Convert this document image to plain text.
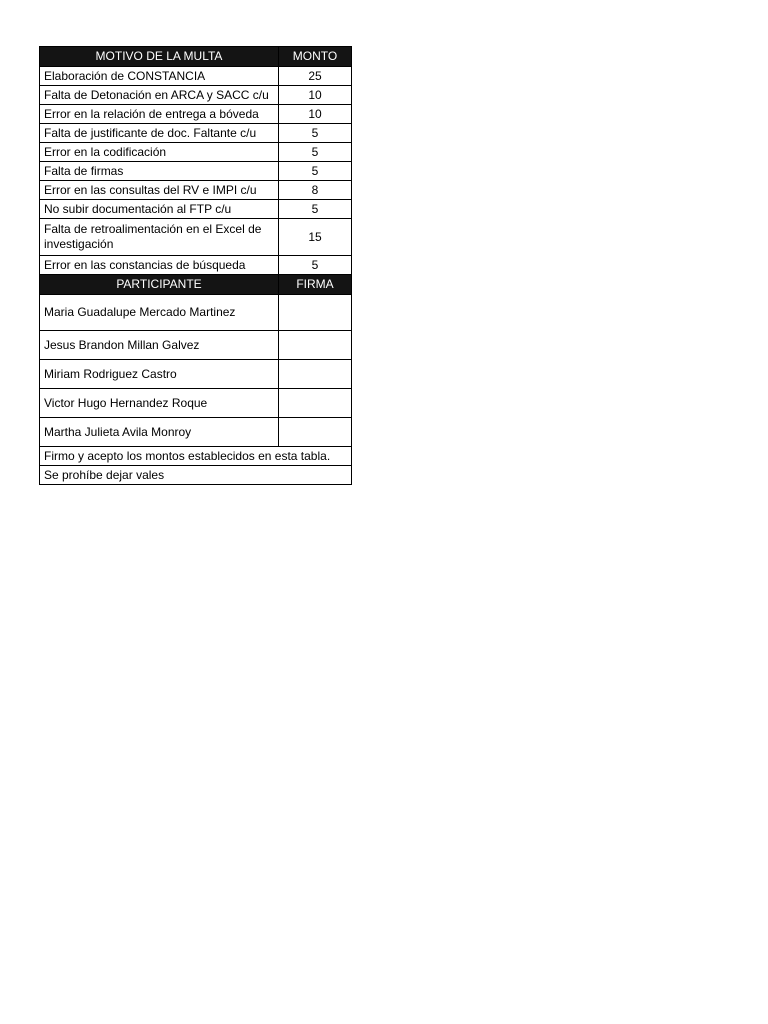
MOTIVO DE LA MULTA	MONTO
Elaboración de CONSTANCIA	25
Falta de Detonación en ARCA y SACC c/u	10
Error en la relación de entrega a bóveda	10
Falta de justificante de doc. Faltante c/u	5
Error en la codificación	5
Falta de firmas	5
Error en las consultas del RV e IMPI c/u	8
No subir documentación al FTP c/u	5
Falta de retroalimentación en el Excel de investigación	15
Error en las constancias de búsqueda	5
PARTICIPANTE	FIRMA
Maria Guadalupe Mercado Martinez	
Jesus Brandon Millan Galvez	
Miriam Rodriguez Castro	
Victor Hugo Hernandez Roque	
Martha Julieta Avila Monroy	
Firmo y acepto los montos establecidos en esta tabla.	
Se prohíbe dejar vales	
